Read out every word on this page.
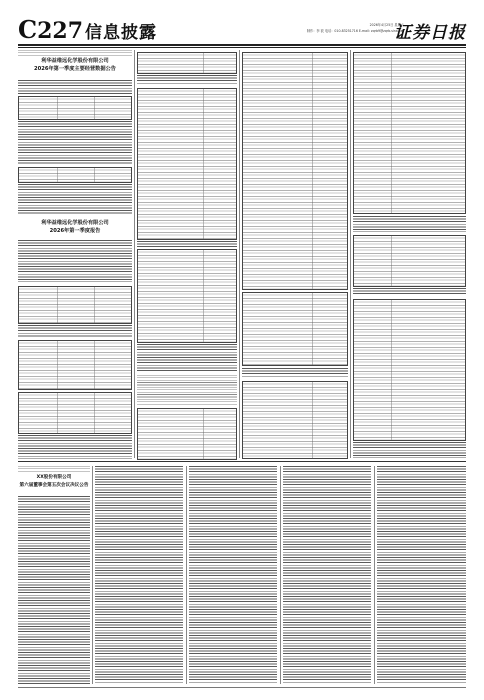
C227 信息披露	2026年4月25日 星期六
制作：李 波 电话：010-83251716 E-mail: zqrb9@zqrb.sina.net
证券日报
利华益维远化学股份有限公司
2026年第一季度主要经营数据公告
利华益维远化学股份有限公司
2026年第一季度报告
XX股份有限公司
第六届董事会第五次会议决议公告
